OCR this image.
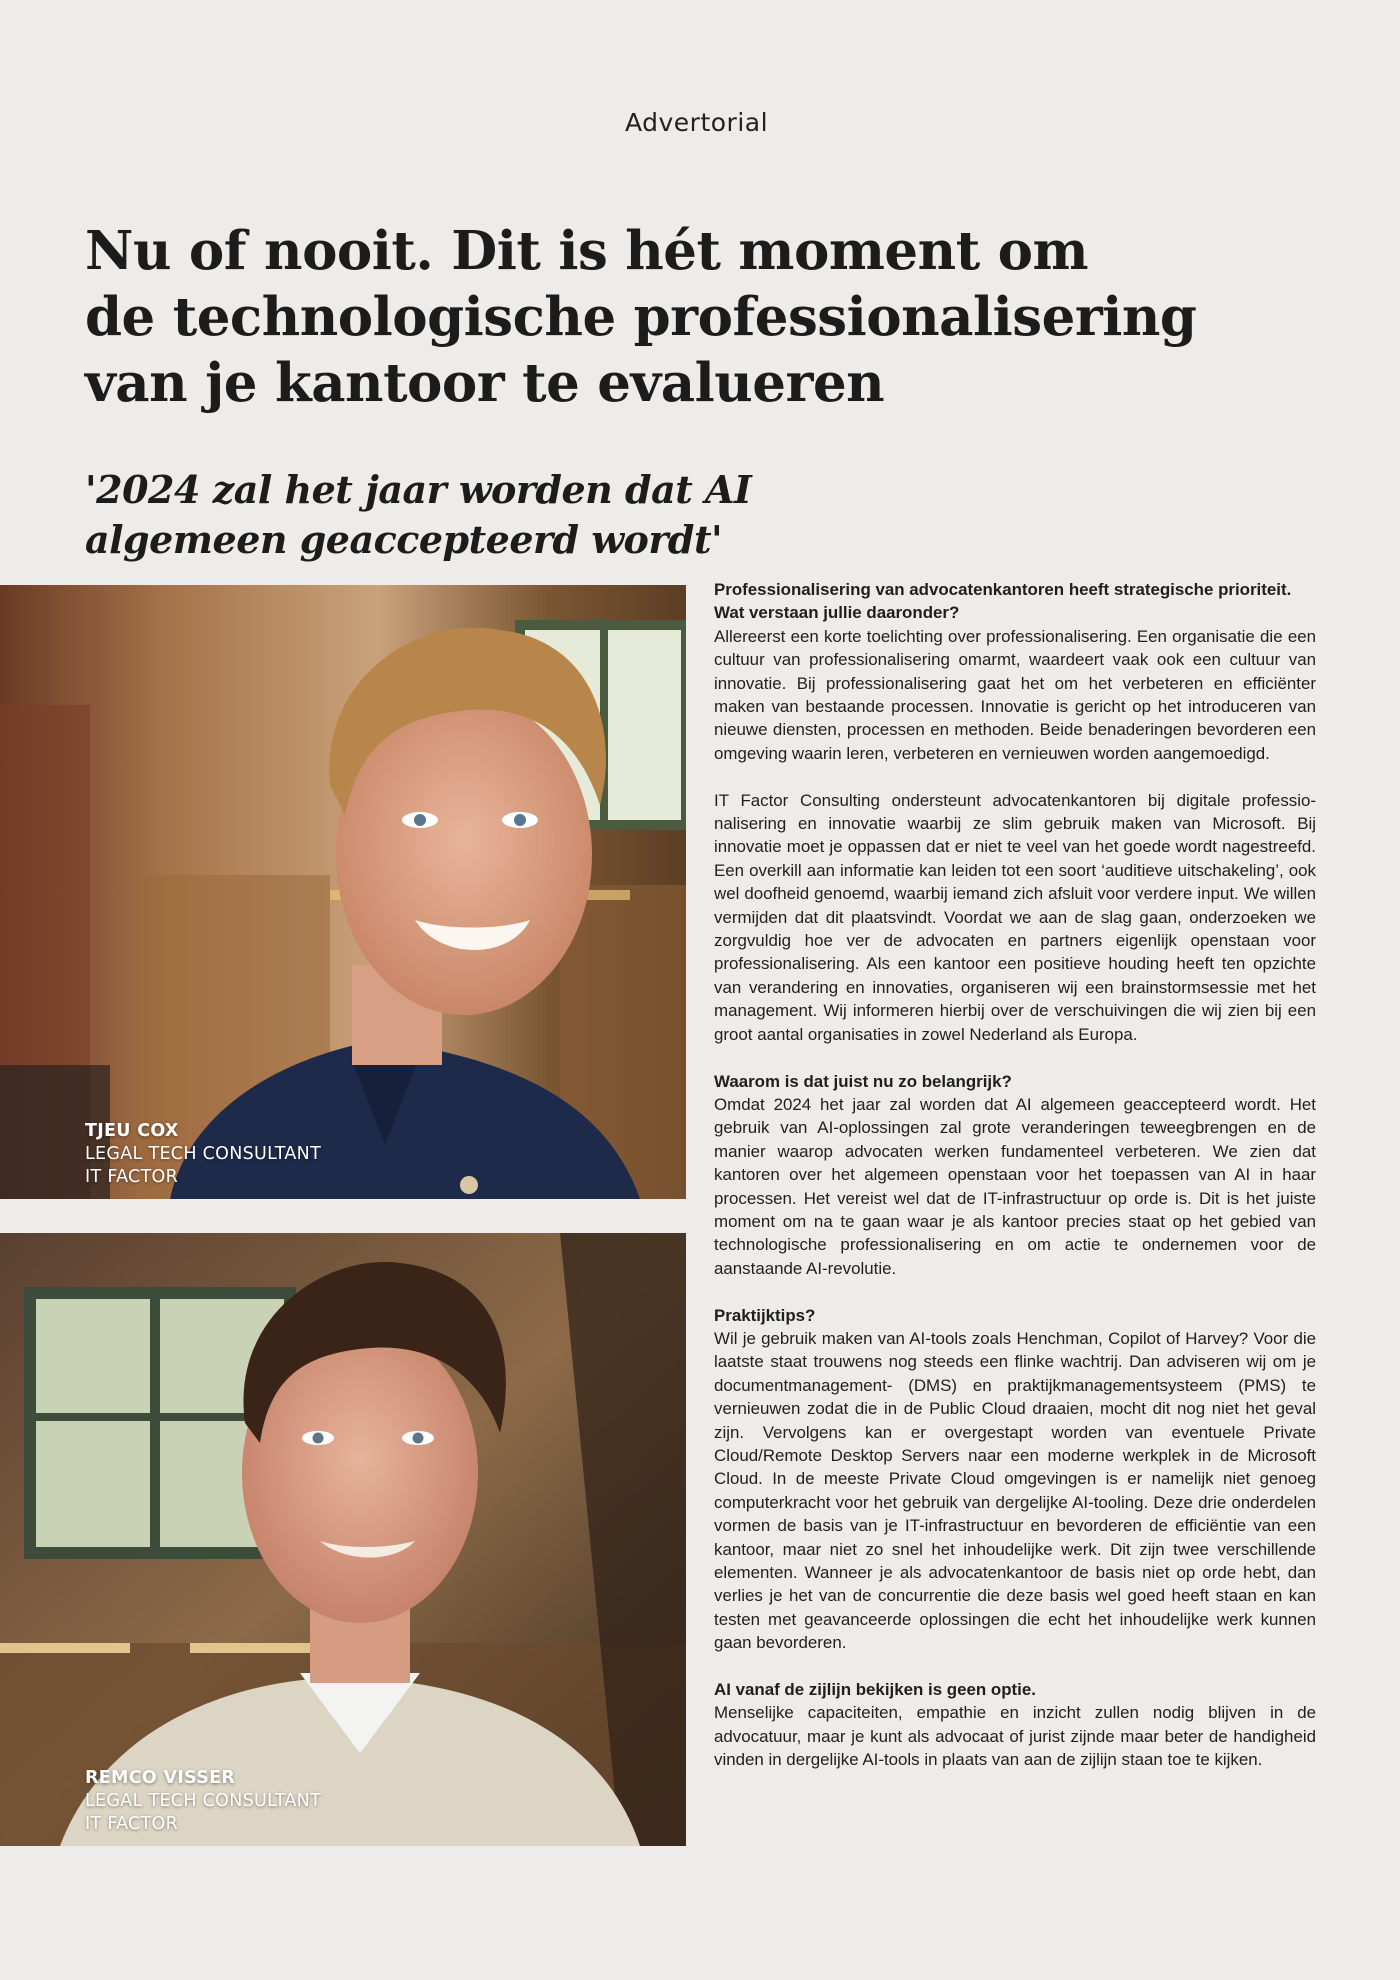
Advertorial
Nu of nooit. Dit is hét moment om
de technologische professionalisering
van je kantoor te evalueren
'2024 zal het jaar worden dat AI
algemeen geaccepteerd wordt'
TJEU COX
LEGAL TECH CONSULTANT
IT FACTOR
REMCO VISSER
LEGAL TECH CONSULTANT
IT FACTOR

Professionalisering van advocatenkantoren heeft strategische prioriteit. Wat verstaan jullie daaronder?

Allereerst een korte toelichting over professionalisering. Een organisatie die een cultuur van professionalisering omarmt, waardeert vaak ook een cultuur van innovatie. Bij professionalisering gaat het om het verbeteren en efficiënter maken van bestaande processen. Innovatie is gericht op het introduceren van nieuwe diensten, processen en methoden. Beide benaderingen bevorderen een omgeving waarin leren, verbeteren en vernieuwen worden aangemoedigd.

IT Factor Consulting ondersteunt advocatenkantoren bij digitale professionalisering en innovatie waarbij ze slim gebruik maken van Microsoft. Bij innovatie moet je oppassen dat er niet te veel van het goede wordt nagestreefd. Een overkill aan informatie kan leiden tot een soort ‘auditieve uitschakeling’, ook wel doofheid genoemd, waarbij iemand zich afsluit voor verdere input. We willen vermijden dat dit plaatsvindt. Voordat we aan de slag gaan, onderzoeken we zorgvuldig hoe ver de advocaten en partners eigenlijk openstaan voor professionalisering. Als een kantoor een positieve houding heeft ten opzichte van verandering en innovaties, organiseren wij een brainstormsessie met het management. Wij informeren hierbij over de verschuivingen die wij zien bij een groot aantal organisaties in zowel Nederland als Europa.

Waarom is dat juist nu zo belangrijk?

Omdat 2024 het jaar zal worden dat AI algemeen geaccepteerd wordt. Het gebruik van AI-oplossingen zal grote veranderingen teweegbrengen en de manier waarop advocaten werken fundamenteel verbeteren. We zien dat kantoren over het algemeen openstaan voor het toepassen van AI in haar processen. Het vereist wel dat de IT-infrastructuur op orde is. Dit is het juiste moment om na te gaan waar je als kantoor precies staat op het gebied van technologische professionalisering en om actie te ondernemen voor de aanstaande AI-revolutie.

Praktijktips?

Wil je gebruik maken van AI-tools zoals Henchman, Copilot of Harvey? Voor die laatste staat trouwens nog steeds een flinke wachtrij. Dan adviseren wij om je documentmanagement- (DMS) en praktijkmanagementsysteem (PMS) te vernieuwen zodat die in de Public Cloud draaien, mocht dit nog niet het geval zijn. Vervolgens kan er overgestapt worden van eventuele Private Cloud/Remote Desktop Servers naar een moderne werkplek in de Microsoft Cloud. In de meeste Private Cloud omgevingen is er namelijk niet genoeg computerkracht voor het gebruik van dergelijke AI-tooling. Deze drie onderdelen vormen de basis van je IT-infrastructuur en bevorderen de efficiëntie van een kantoor, maar niet zo snel het inhoudelijke werk. Dit zijn twee verschillende elementen. Wanneer je als advocatenkantoor de basis niet op orde hebt, dan verlies je het van de concurrentie die deze basis wel goed heeft staan en kan testen met geavanceerde oplossingen die echt het inhoudelijke werk kunnen gaan bevorderen.

AI vanaf de zijlijn bekijken is geen optie.

Menselijke capaciteiten, empathie en inzicht zullen nodig blijven in de advocatuur, maar je kunt als advocaat of jurist zijnde maar beter de handigheid vinden in dergelijke AI-tools in plaats van aan de zijlijn staan toe te kijken.
